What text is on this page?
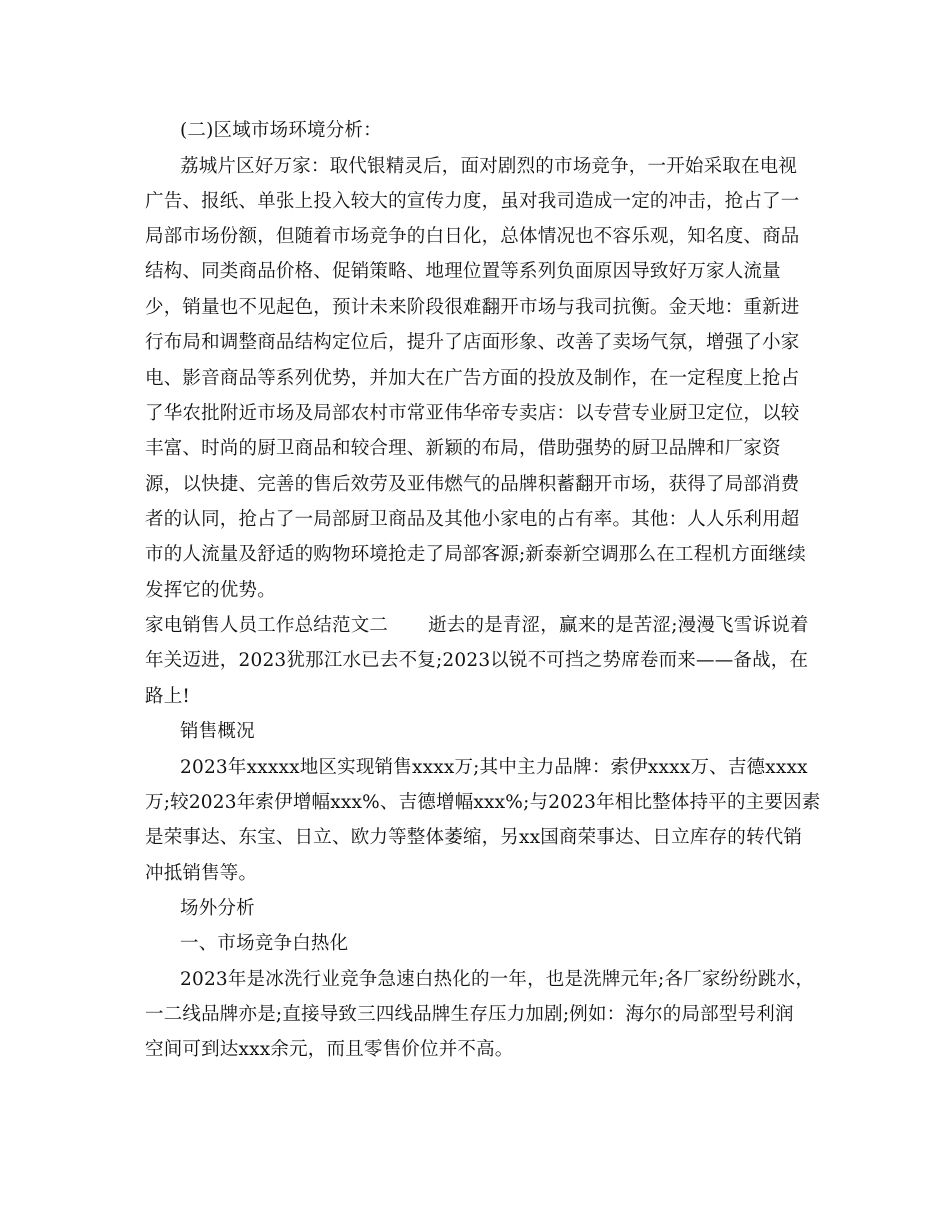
(二)区域市场环境分析：
荔城片区好万家：取代银精灵后，面对剧烈的市场竞争，一开始采取在电视
广告、报纸、单张上投入较大的宣传力度，虽对我司造成一定的冲击，抢占了一
局部市场份额，但随着市场竞争的白日化，总体情况也不容乐观，知名度、商品
结构、同类商品价格、促销策略、地理位置等系列负面原因导致好万家人流量
少，销量也不见起色，预计未来阶段很难翻开市场与我司抗衡。金天地：重新进
行布局和调整商品结构定位后，提升了店面形象、改善了卖场气氛，增强了小家
电、影音商品等系列优势，并加大在广告方面的投放及制作，在一定程度上抢占
了华农批附近市场及局部农村市常亚伟华帝专卖店：以专营专业厨卫定位，以较
丰富、时尚的厨卫商品和较合理、新颖的布局，借助强势的厨卫品牌和厂家资
源，以快捷、完善的售后效劳及亚伟燃气的品牌积蓄翻开市场，获得了局部消费
者的认同，抢占了一局部厨卫商品及其他小家电的占有率。其他：人人乐利用超
市的人流量及舒适的购物环境抢走了局部客源;新泰新空调那么在工程机方面继续
发挥它的优势。
家电销售人员工作总结范文二 逝去的是青涩，赢来的是苦涩;漫漫飞雪诉说着
年关迈进，2023犹那江水已去不复;2023以锐不可挡之势席卷而来——备战，在
路上!
销售概况
2023年xxxxx地区实现销售xxxx万;其中主力品牌：索伊xxxx万、吉德xxxx
万;较2023年索伊增幅xxx%、吉德增幅xxx%;与2023年相比整体持平的主要因素
是荣事达、东宝、日立、欧力等整体萎缩，另xx国商荣事达、日立库存的转代销
冲抵销售等。
场外分析
一、市场竞争白热化
2023年是冰洗行业竞争急速白热化的一年，也是洗牌元年;各厂家纷纷跳水，
一二线品牌亦是;直接导致三四线品牌生存压力加剧;例如：海尔的局部型号利润
空间可到达xxx余元，而且零售价位并不高。
